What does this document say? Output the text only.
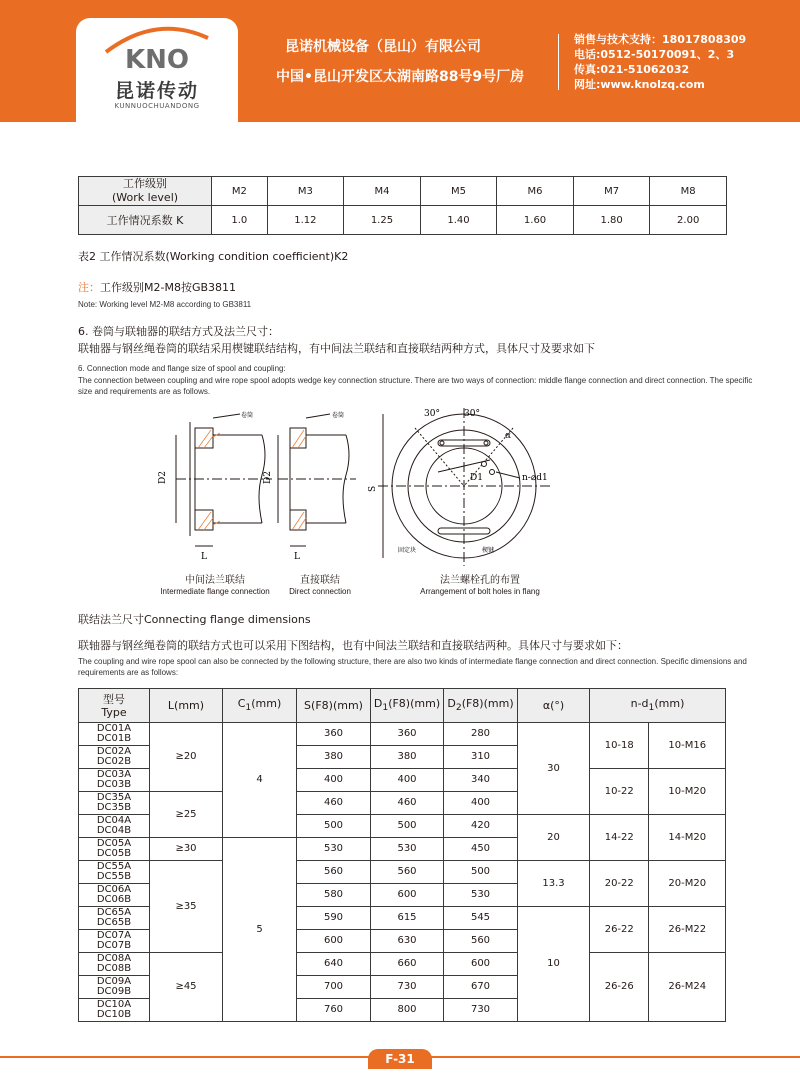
KNO
昆诺传动
KUNNUOCHUANDONG
昆诺机械设备（昆山）有限公司
中国•昆山开发区太湖南路88号9号厂房
销售与技术支持：18017808309
电话:0512-50170091、2、3
传真:021-51062032
网址:www.knolzq.com
工作级别
(Work level)	M2	M3	M4	M5	M6	M7	M8
工作情况系数 K	1.0	1.12	1.25	1.40	1.60	1.80	2.00
表2 工作情况系数(Working condition coefficient)K2
注：工作级别M2-M8按GB3811
Note: Working level M2-M8 according to GB3811
6. 卷筒与联轴器的联结方式及法兰尺寸：
联轴器与钢丝绳卷筒的联结采用楔键联结结构，有中间法兰联结和直接联结两种方式，具体尺寸及要求如下
6. Connection mode and flange size of spool and coupling:
The connection between coupling and wire rope spool adopts wedge key connection structure. There are two ways of connection: middle flange connection and direct connection. The specific
size and requirements are as follows.
卷筒
D2
L
卷筒
D2
L
30°	30°
α
D1	n-⌀d1
S
固定块	楔键
中间法兰联结
Intermediate flange connection
直接联结
Direct connection
法兰螺栓孔的布置
Arrangement of bolt holes in flang
联结法兰尺寸Connecting flange dimensions
联轴器与钢丝绳卷筒的联结方式也可以采用下图结构，也有中间法兰联结和直接联结两种。具体尺寸与要求如下：
The coupling and wire rope spool can also be connected by the following structure, there are also two kinds of intermediate flange connection and direct connection. Specific dimensions and
requirements are as follows:
型号
Type	L(mm)	$C_1(mm)$	S(F8)(mm)	$D_1(F8)(mm)$	$D_2(F8)(mm)$	α(°)	$n-d_1(mm)$	
DC01A
DC01B	≥20	4	360	360	280	30	10-18	10-M16
DC02A
DC02B			380	380	310			
DC03A
DC03B			400	400	340		10-22	10-M20
DC35A
DC35B	≥25		460	460	400			
DC04A
DC04B			500	500	420	20	14-22	14-M20
DC05A
DC05B	≥30	5	530	530	450			
DC55A
DC55B	≥35		560	560	500	13.3	20-22	20-M20
DC06A
DC06B			580	600	530			
DC65A
DC65B			590	615	545	10	26-22	26-M22
DC07A
DC07B			600	630	560			
DC08A
DC08B	≥45		640	660	600		26-26	26-M24
DC09A
DC09B			700	730	670			
DC10A
DC10B			760	800	730			
F-31
